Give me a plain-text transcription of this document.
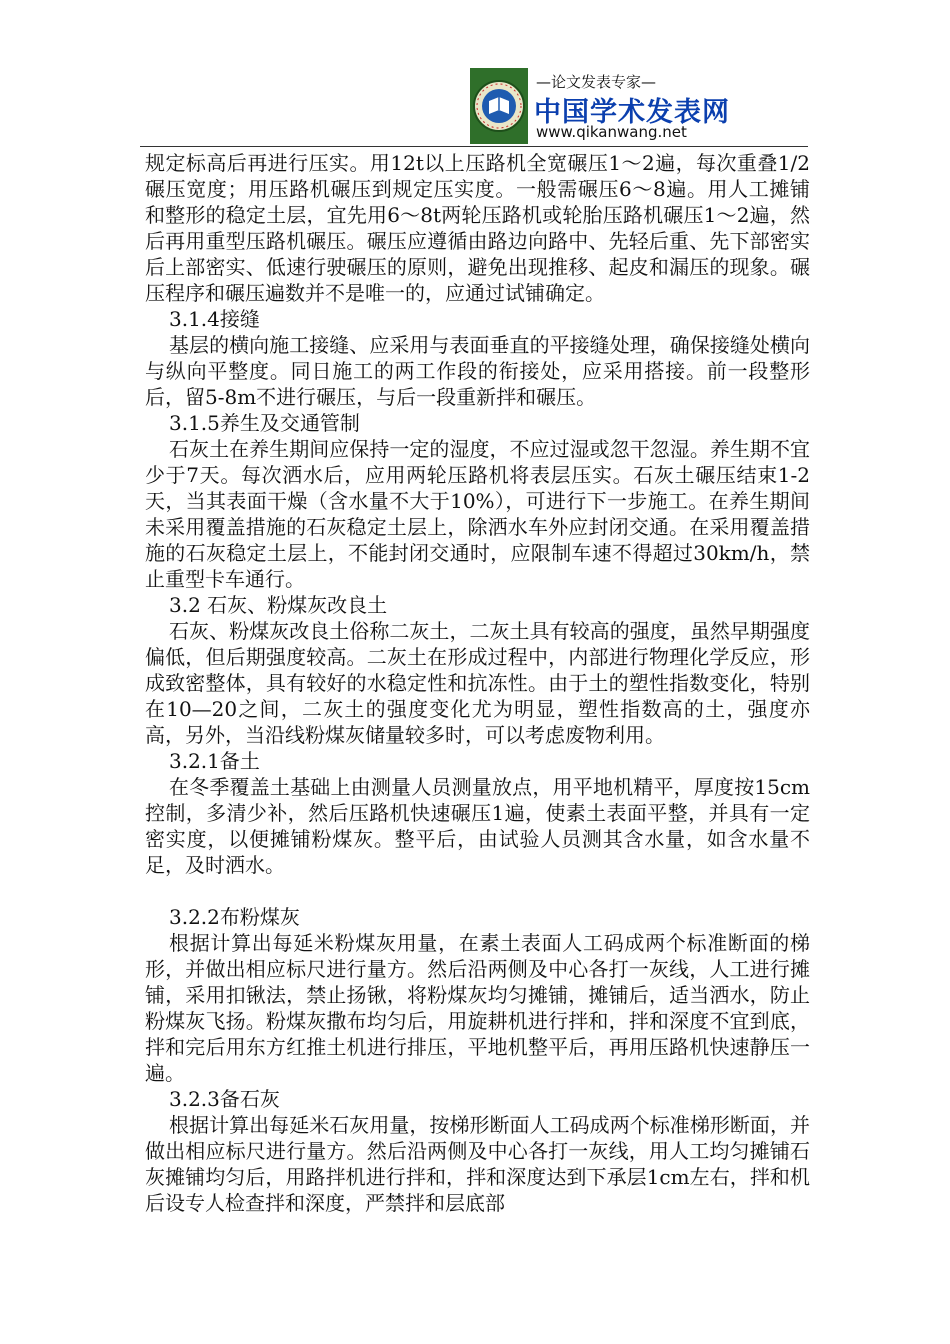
—论文发表专家—
中国学术发表网
www.qikanwang.net

规定标高后再进行压实。用12t以上压路机全宽碾压1～2遍，每次重叠1/2碾压宽度；用压路机碾压到规定压实度。一般需碾压6～8遍。用人工摊铺和整形的稳定土层，宜先用6～8t两轮压路机或轮胎压路机碾压1～2遍，然后再用重型压路机碾压。碾压应遵循由路边向路中、先轻后重、先下部密实后上部密实、低速行驶碾压的原则，避免出现推移、起皮和漏压的现象。碾压程序和碾压遍数并不是唯一的，应通过试铺确定。

3.1.4接缝

基层的横向施工接缝、应采用与表面垂直的平接缝处理，确保接缝处横向与纵向平整度。同日施工的两工作段的衔接处，应采用搭接。前一段整形后，留5-8m不进行碾压，与后一段重新拌和碾压。

3.1.5养生及交通管制

石灰土在养生期间应保持一定的湿度，不应过湿或忽干忽湿。养生期不宜少于7天。每次洒水后，应用两轮压路机将表层压实。石灰土碾压结束1-2天，当其表面干燥（含水量不大于10%），可进行下一步施工。在养生期间未采用覆盖措施的石灰稳定土层上，除洒水车外应封闭交通。在采用覆盖措施的石灰稳定土层上，不能封闭交通时，应限制车速不得超过30km/h，禁止重型卡车通行。

3.2 石灰、粉煤灰改良土

石灰、粉煤灰改良土俗称二灰土，二灰土具有较高的强度，虽然早期强度偏低，但后期强度较高。二灰土在形成过程中，内部进行物理化学反应，形成致密整体，具有较好的水稳定性和抗冻性。由于土的塑性指数变化，特别在10—20之间，二灰土的强度变化尤为明显，塑性指数高的土，强度亦高，另外，当沿线粉煤灰储量较多时，可以考虑废物利用。

3.2.1备土

在冬季覆盖土基础上由测量人员测量放点，用平地机精平，厚度按15cm控制，多清少补，然后压路机快速碾压1遍，使素土表面平整，并具有一定密实度，以便摊铺粉煤灰。整平后，由试验人员测其含水量，如含水量不足，及时洒水。

3.2.2布粉煤灰

根据计算出每延米粉煤灰用量，在素土表面人工码成两个标准断面的梯形，并做出相应标尺进行量方。然后沿两侧及中心各打一灰线，人工进行摊铺，采用扣锹法，禁止扬锹，将粉煤灰均匀摊铺，摊铺后，适当洒水，防止粉煤灰飞扬。粉煤灰撒布均匀后，用旋耕机进行拌和，拌和深度不宜到底，拌和完后用东方红推土机进行排压，平地机整平后，再用压路机快速静压一遍。

3.2.3备石灰

根据计算出每延米石灰用量，按梯形断面人工码成两个标准梯形断面，并做出相应标尺进行量方。然后沿两侧及中心各打一灰线，用人工均匀摊铺石灰摊铺均匀后，用路拌机进行拌和，拌和深度达到下承层1cm左右，拌和机后设专人检查拌和深度，严禁拌和层底部
